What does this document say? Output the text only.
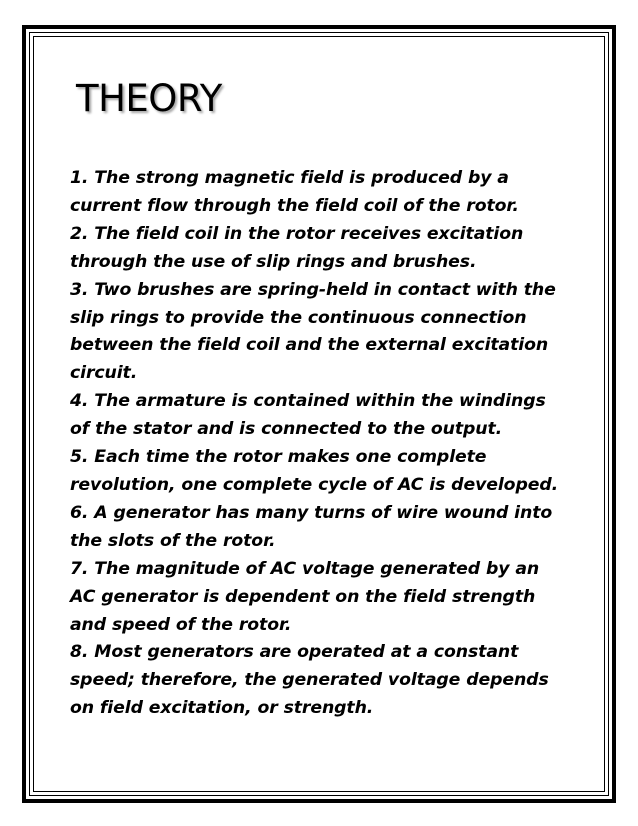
THEORY
1. The strong magnetic field is produced by a
current flow through the field coil of the rotor.
2. The field coil in the rotor receives excitation
through the use of slip rings and brushes.
3. Two brushes are spring-held in contact with the
slip rings to provide the continuous connection
between the field coil and the external excitation
circuit.
4. The armature is contained within the windings
of the stator and is connected to the output.
5. Each time the rotor makes one complete
revolution, one complete cycle of AC is developed.
6. A generator has many turns of wire wound into
the slots of the rotor.
7. The magnitude of AC voltage generated by an
AC generator is dependent on the field strength
and speed of the rotor.
8. Most generators are operated at a constant
speed; therefore, the generated voltage depends
on field excitation, or strength.
